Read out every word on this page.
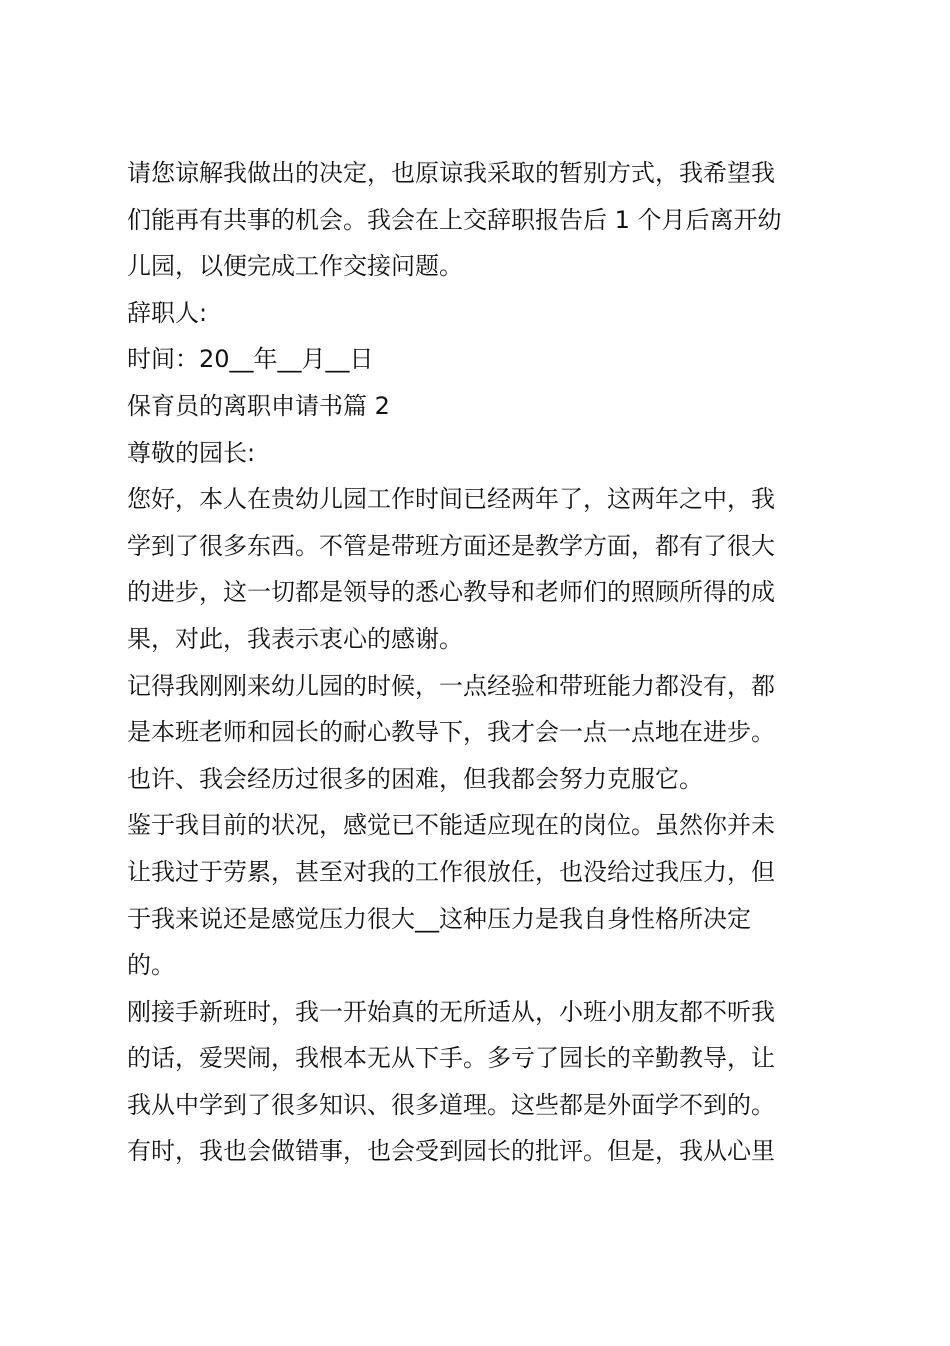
请您谅解我做出的决定，也原谅我采取的暂别方式，我希望我
们能再有共事的机会。我会在上交辞职报告后 1 个月后离开幼
儿园，以便完成工作交接问题。
辞职人:
时间：20__年__月__日
保育员的离职申请书篇 2
尊敬的园长:
您好，本人在贵幼儿园工作时间已经两年了，这两年之中，我
学到了很多东西。不管是带班方面还是教学方面，都有了很大
的进步，这一切都是领导的悉心教导和老师们的照顾所得的成
果，对此，我表示衷心的感谢。
记得我刚刚来幼儿园的时候，一点经验和带班能力都没有，都
是本班老师和园长的耐心教导下，我才会一点一点地在进步。
也许、我会经历过很多的困难，但我都会努力克服它。
鉴于我目前的状况，感觉已不能适应现在的岗位。虽然你并未
让我过于劳累，甚至对我的工作很放任，也没给过我压力，但
于我来说还是感觉压力很大__这种压力是我自身性格所决定
的。
刚接手新班时，我一开始真的无所适从，小班小朋友都不听我
的话，爱哭闹，我根本无从下手。多亏了园长的辛勤教导，让
我从中学到了很多知识、很多道理。这些都是外面学不到的。
有时，我也会做错事，也会受到园长的批评。但是，我从心里
